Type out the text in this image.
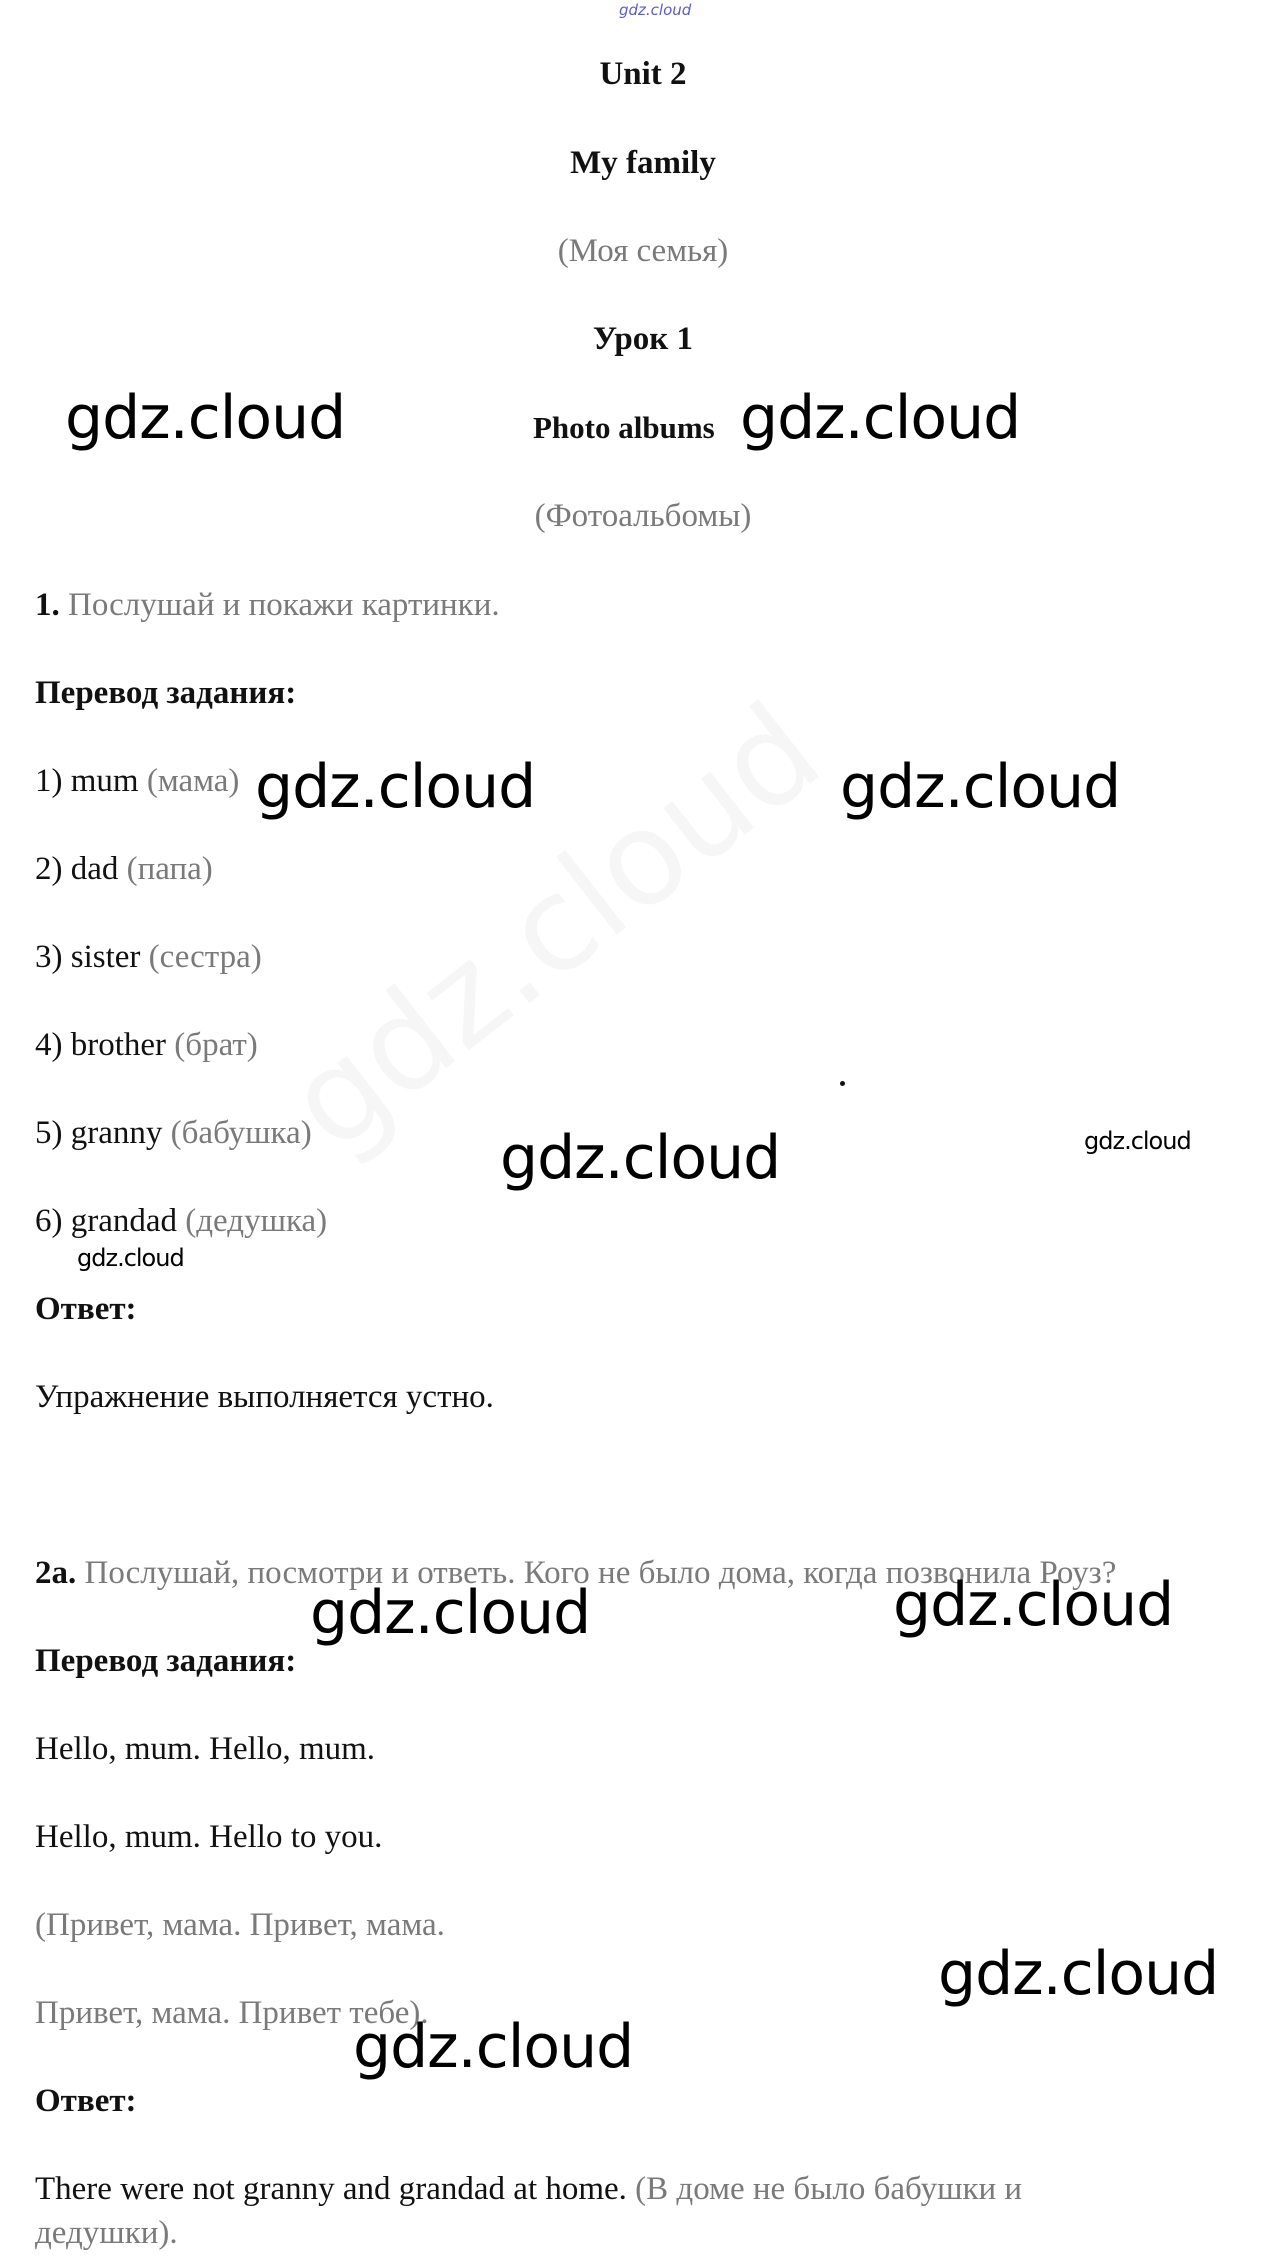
gdz.cloud
Unit 2
My family
(Моя семья)
Урок 1
Photo albums
(Фотоальбомы)
1. Послушай и покажи картинки.
Перевод задания:
1) mum (мама)
2) dad (папа)
3) sister (сестра)
4) brother (брат)
5) granny (бабушка)
6) grandad (дедушка)
Ответ:
Упражнение выполняется устно.
2a. Послушай, посмотри и ответь. Кого не было дома, когда позвонила Роуз?
Перевод задания:
Hello, mum. Hello, mum.
Hello, mum. Hello to you.
(Привет, мама. Привет, мама.
Привет, мама. Привет тебе).
Ответ:
There were not granny and grandad at home. (В доме не было бабушки и
дедушки).
gdz.cloud	gdz.cloud
gdz.cloud	gdz.cloud
gdz.cloud	gdz.cloud
gdz.cloud
gdz.cloud	gdz.cloud
gdz.cloud
gdz.cloud
